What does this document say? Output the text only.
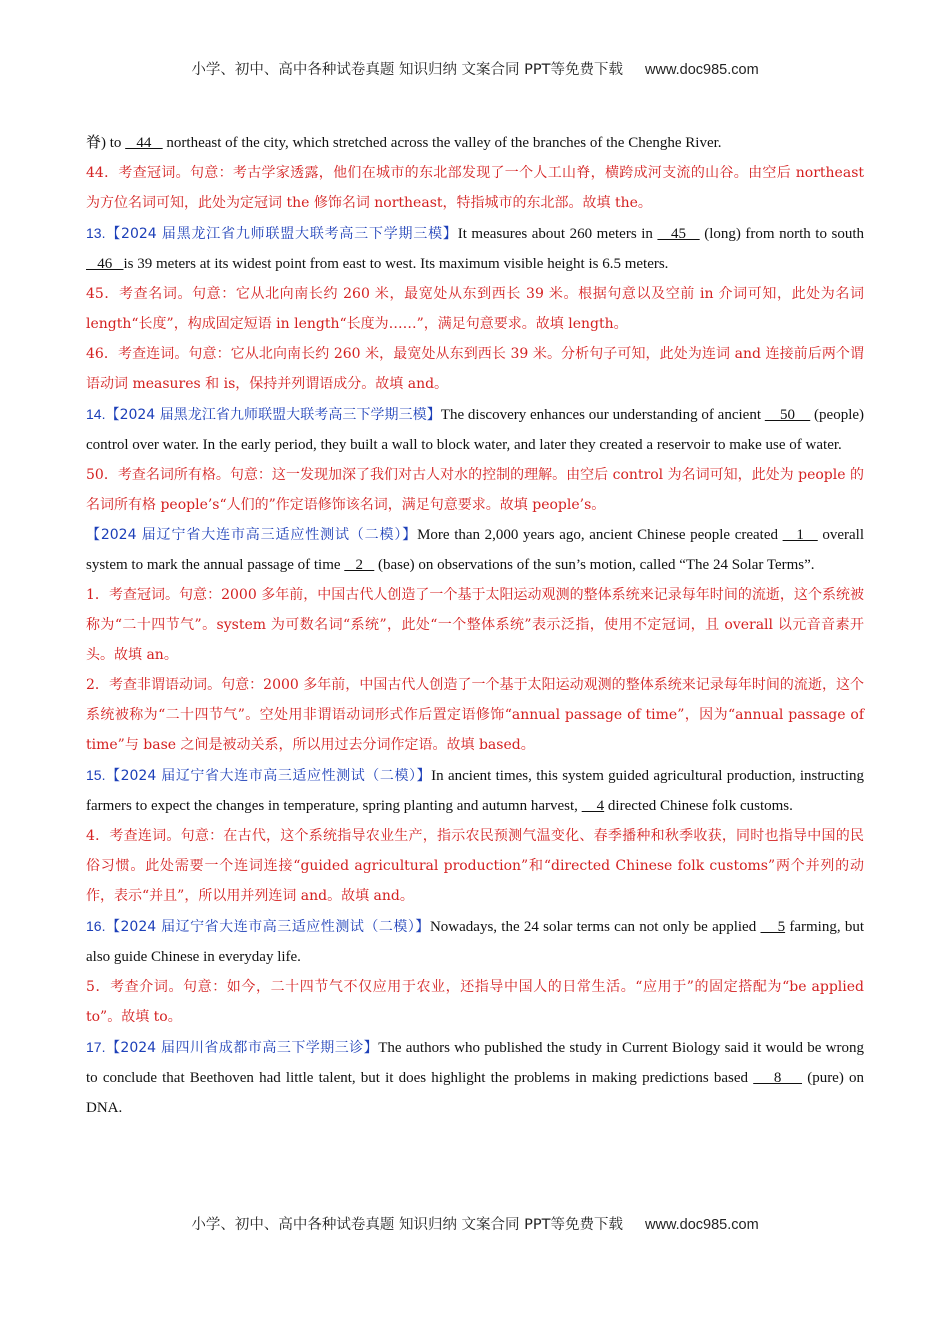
小学、初中、高中各种试卷真题 知识归纳 文案合同 PPT等免费下载 www.doc985.com

脊) to    44    northeast of the city, which stretched across the valley of the branches of the Chenghe River.

44．考查冠词。句意：考古学家透露，他们在城市的东北部发现了一个人工山脊，横跨成河支流的山谷。由空后 northeast 为方位名词可知，此处为定冠词 the 修饰名词 northeast，特指城市的东北部。故填 the。

13.【2024 届黑龙江省九师联盟大联考高三下学期三模】It measures about 260 meters in    45    (long) from north to south    46   is 39 meters at its widest point from east to west. Its maximum visible height is 6.5 meters.

45．考查名词。句意：它从北向南长约 260 米，最宽处从东到西长 39 米。根据句意以及空前 in 介词可知，此处为名词 length“长度”，构成固定短语 in length“长度为……”，满足句意要求。故填 length。

46．考查连词。句意：它从北向南长约 260 米，最宽处从东到西长 39 米。分析句子可知，此处为连词 and 连接前后两个谓语动词 measures 和 is，保持并列谓语成分。故填 and。

14.【2024 届黑龙江省九师联盟大联考高三下学期三模】The discovery enhances our understanding of ancient     50     (people) control over water. In the early period, they built a wall to block water, and later they created a reservoir to make use of water.

50．考查名词所有格。句意：这一发现加深了我们对古人对水的控制的理解。由空后 control 为名词可知，此处为 people 的名词所有格 people’s“人们的”作定语修饰该名词，满足句意要求。故填 people’s。

【2024 届辽宁省大连市高三适应性测试（二模）】More than 2,000 years ago, ancient Chinese people created    1    overall system to mark the annual passage of time    2    (base) on observations of the sun’s motion, called “The 24 Solar Terms”.

1．考查冠词。句意：2000 多年前，中国古代人创造了一个基于太阳运动观测的整体系统来记录每年时间的流逝，这个系统被称为“二十四节气”。system 为可数名词“系统”，此处“一个整体系统”表示泛指，使用不定冠词，且 overall 以元音音素开头。故填 an。

2．考查非谓语动词。句意：2000 多年前，中国古代人创造了一个基于太阳运动观测的整体系统来记录每年时间的流逝，这个系统被称为“二十四节气”。空处用非谓语动词形式作后置定语修饰“annual passage of time”，因为“annual passage of time”与 base 之间是被动关系，所以用过去分词作定语。故填 based。

15.【2024 届辽宁省大连市高三适应性测试（二模）】In ancient times, this system guided agricultural production, instructing farmers to expect the changes in temperature, spring planting and autumn harvest,     4 directed Chinese folk customs.

4．考查连词。句意：在古代，这个系统指导农业生产，指示农民预测气温变化、春季播种和秋季收获，同时也指导中国的民俗习惯。此处需要一个连词连接“guided agricultural production”和“directed Chinese folk customs”两个并列的动作，表示“并且”，所以用并列连词 and。故填 and。

16.【2024 届辽宁省大连市高三适应性测试（二模）】Nowadays, the 24 solar terms can not only be applied     5 farming, but also guide Chinese in everyday life.

5．考查介词。句意：如今，二十四节气不仅应用于农业，还指导中国人的日常生活。“应用于”的固定搭配为“be applied to”。故填 to。

17.【2024 届四川省成都市高三下学期三诊】The authors who published the study in Current Biology said it would be wrong to conclude that Beethoven had little talent, but it does highlight the problems in making predictions based     8     (pure) on DNA.

小学、初中、高中各种试卷真题 知识归纳 文案合同 PPT等免费下载 www.doc985.com
